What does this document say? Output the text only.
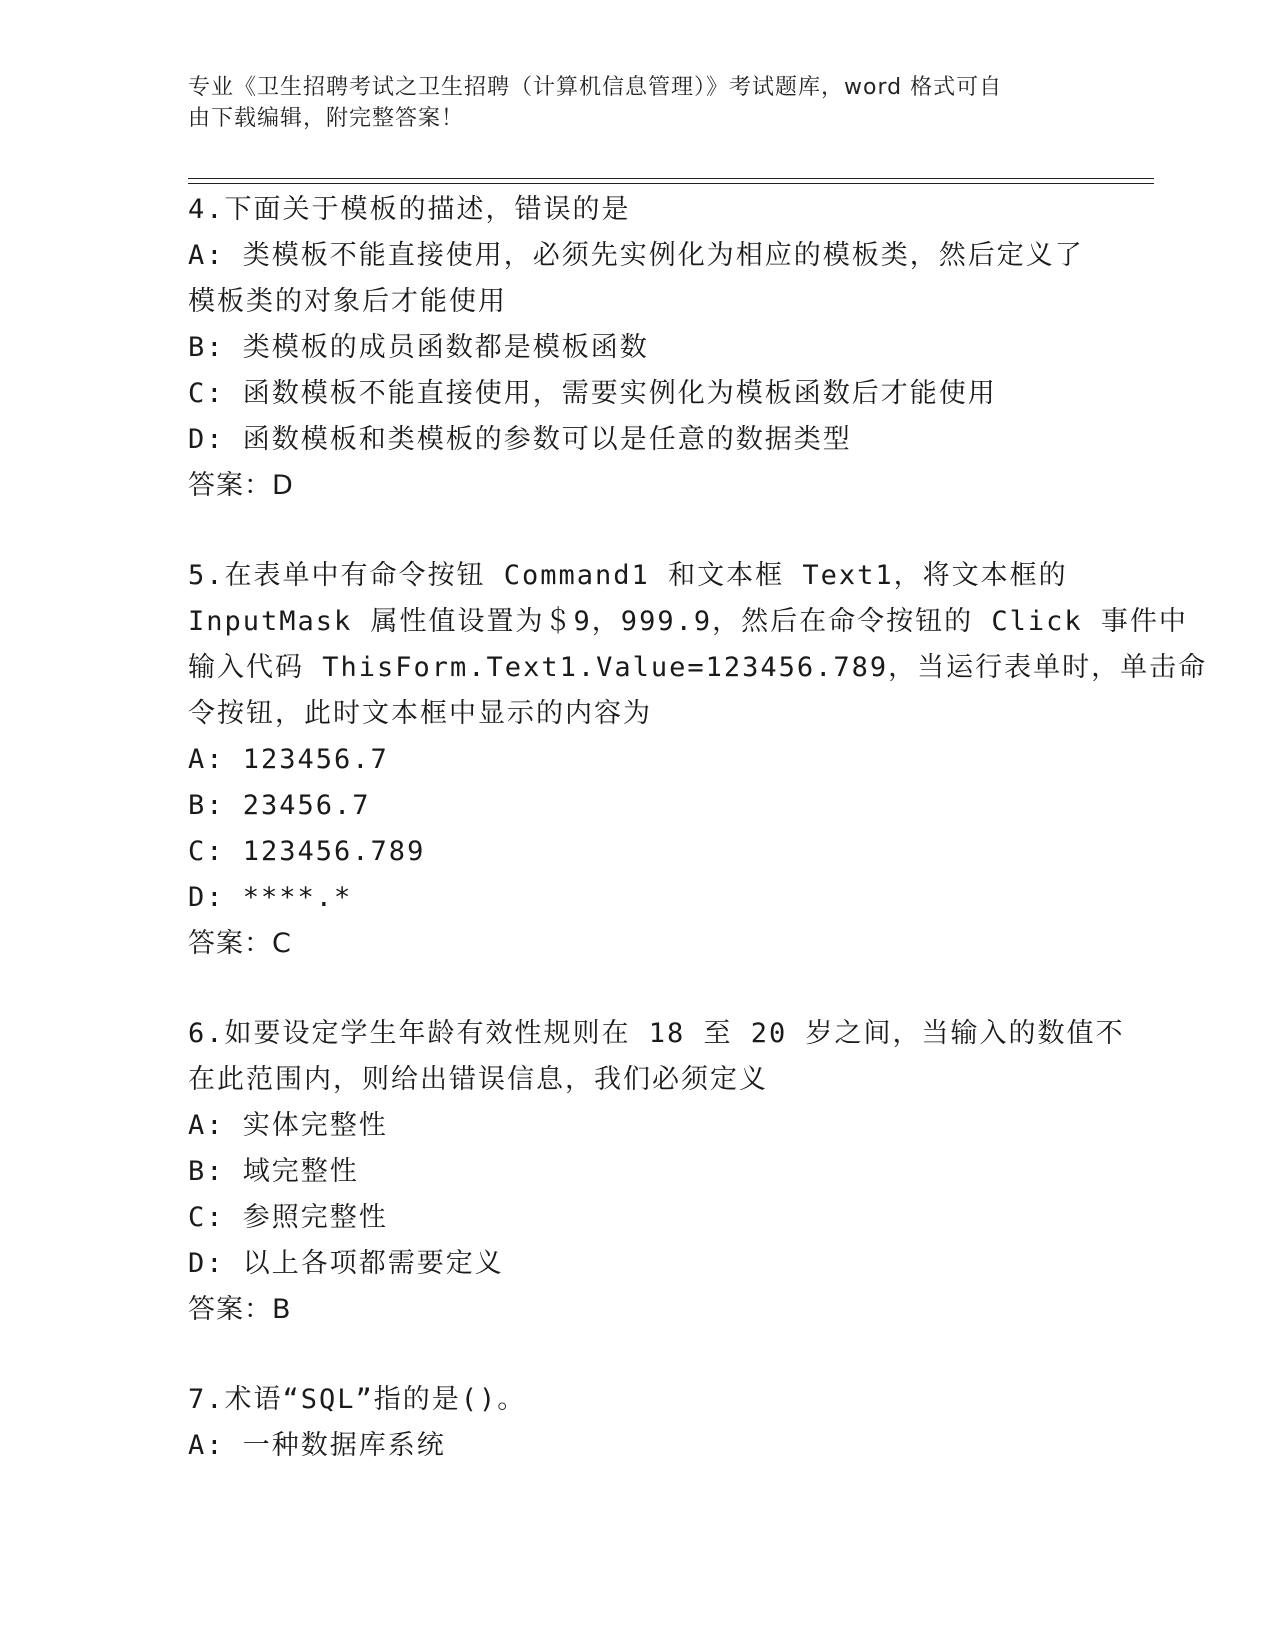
专业《卫生招聘考试之卫生招聘（计算机信息管理）》考试题库，word 格式可自
由下载编辑，附完整答案！
4.下面关于模板的描述，错误的是
A: 类模板不能直接使用，必须先实例化为相应的模板类，然后定义了
模板类的对象后才能使用
B: 类模板的成员函数都是模板函数
C: 函数模板不能直接使用，需要实例化为模板函数后才能使用
D: 函数模板和类模板的参数可以是任意的数据类型
答案：D
5.在表单中有命令按钮 Command1 和文本框 Text1，将文本框的
InputMask 属性值设置为＄9，999.9，然后在命令按钮的 Click 事件中
输入代码 ThisForm.Text1.Value=123456.789，当运行表单时，单击命
令按钮，此时文本框中显示的内容为
A: 123456.7
B: 23456.7
C: 123456.789
D: ****.*
答案：C
6.如要设定学生年龄有效性规则在 18 至 20 岁之间，当输入的数值不
在此范围内，则给出错误信息，我们必须定义
A: 实体完整性
B: 域完整性
C: 参照完整性
D: 以上各项都需要定义
答案：B
7.术语“SQL”指的是()。
A: 一种数据库系统
